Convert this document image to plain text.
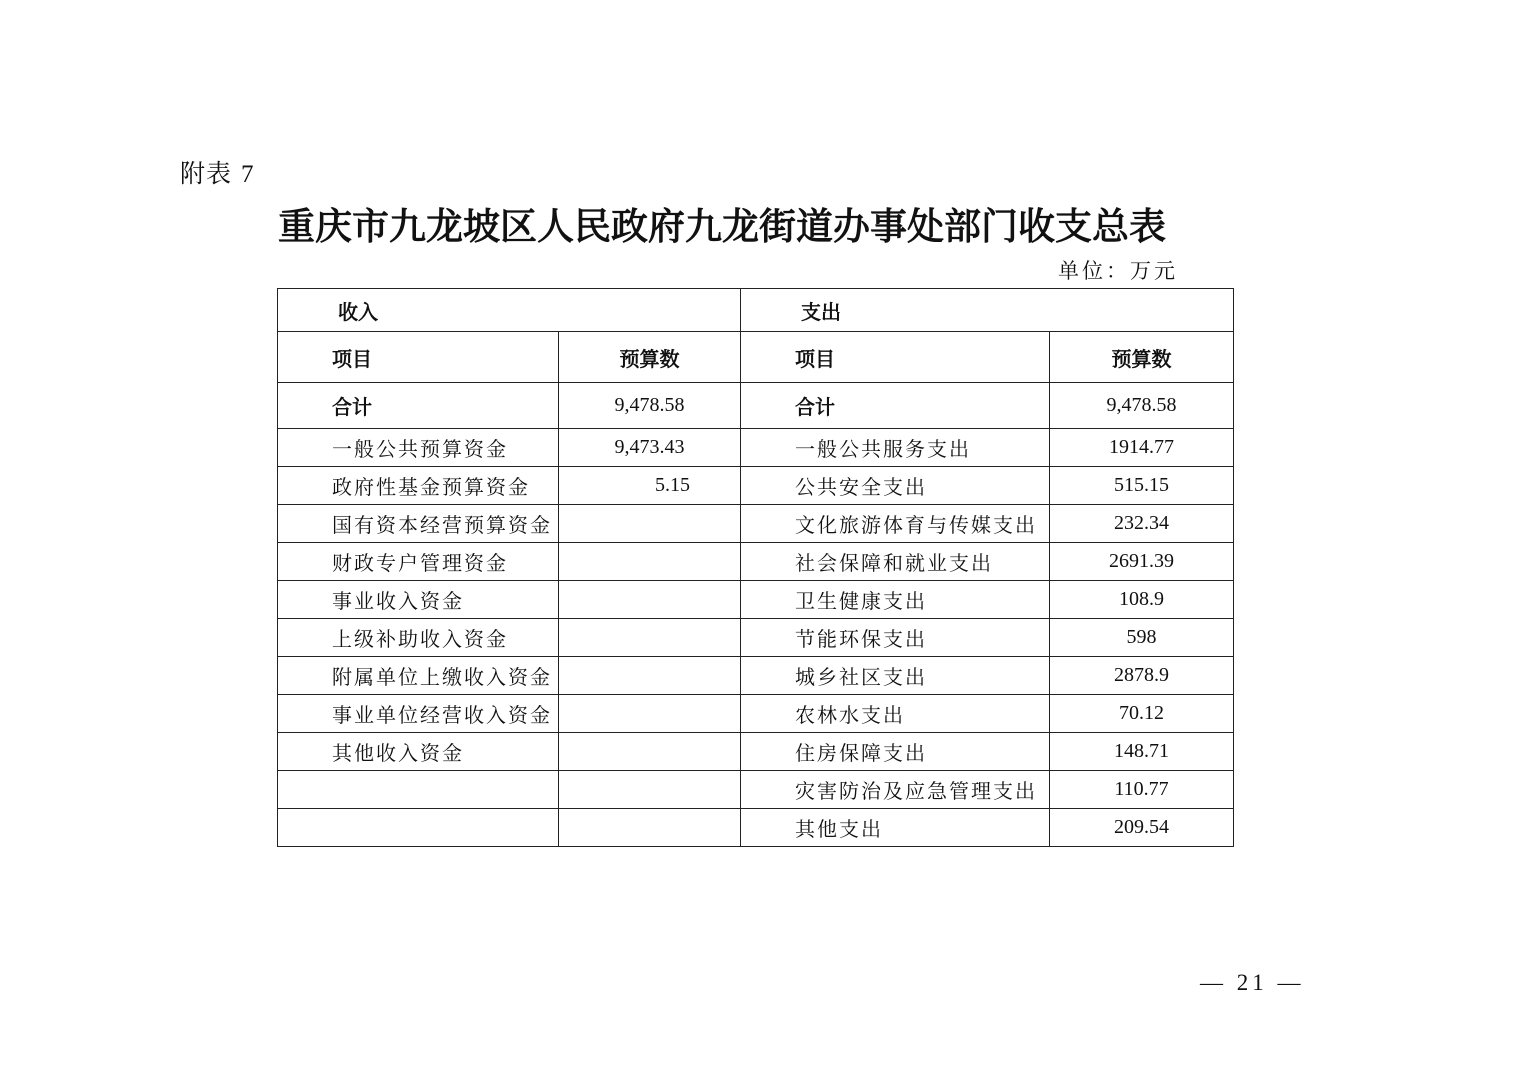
附表 7
重庆市九龙坡区人民政府九龙街道办事处部门收支总表
单位：万元
收入		支出	
项目	预算数	项目	预算数
合计	9,478.58	合计	9,478.58
一般公共预算资金	9,473.43	一般公共服务支出	1914.77
政府性基金预算资金	5.15	公共安全支出	515.15
国有资本经营预算资金		文化旅游体育与传媒支出	232.34
财政专户管理资金		社会保障和就业支出	2691.39
事业收入资金		卫生健康支出	108.9
上级补助收入资金		节能环保支出	598
附属单位上缴收入资金		城乡社区支出	2878.9
事业单位经营收入资金		农林水支出	70.12
其他收入资金		住房保障支出	148.71
		灾害防治及应急管理支出	110.77
		其他支出	209.54
— 21 —
